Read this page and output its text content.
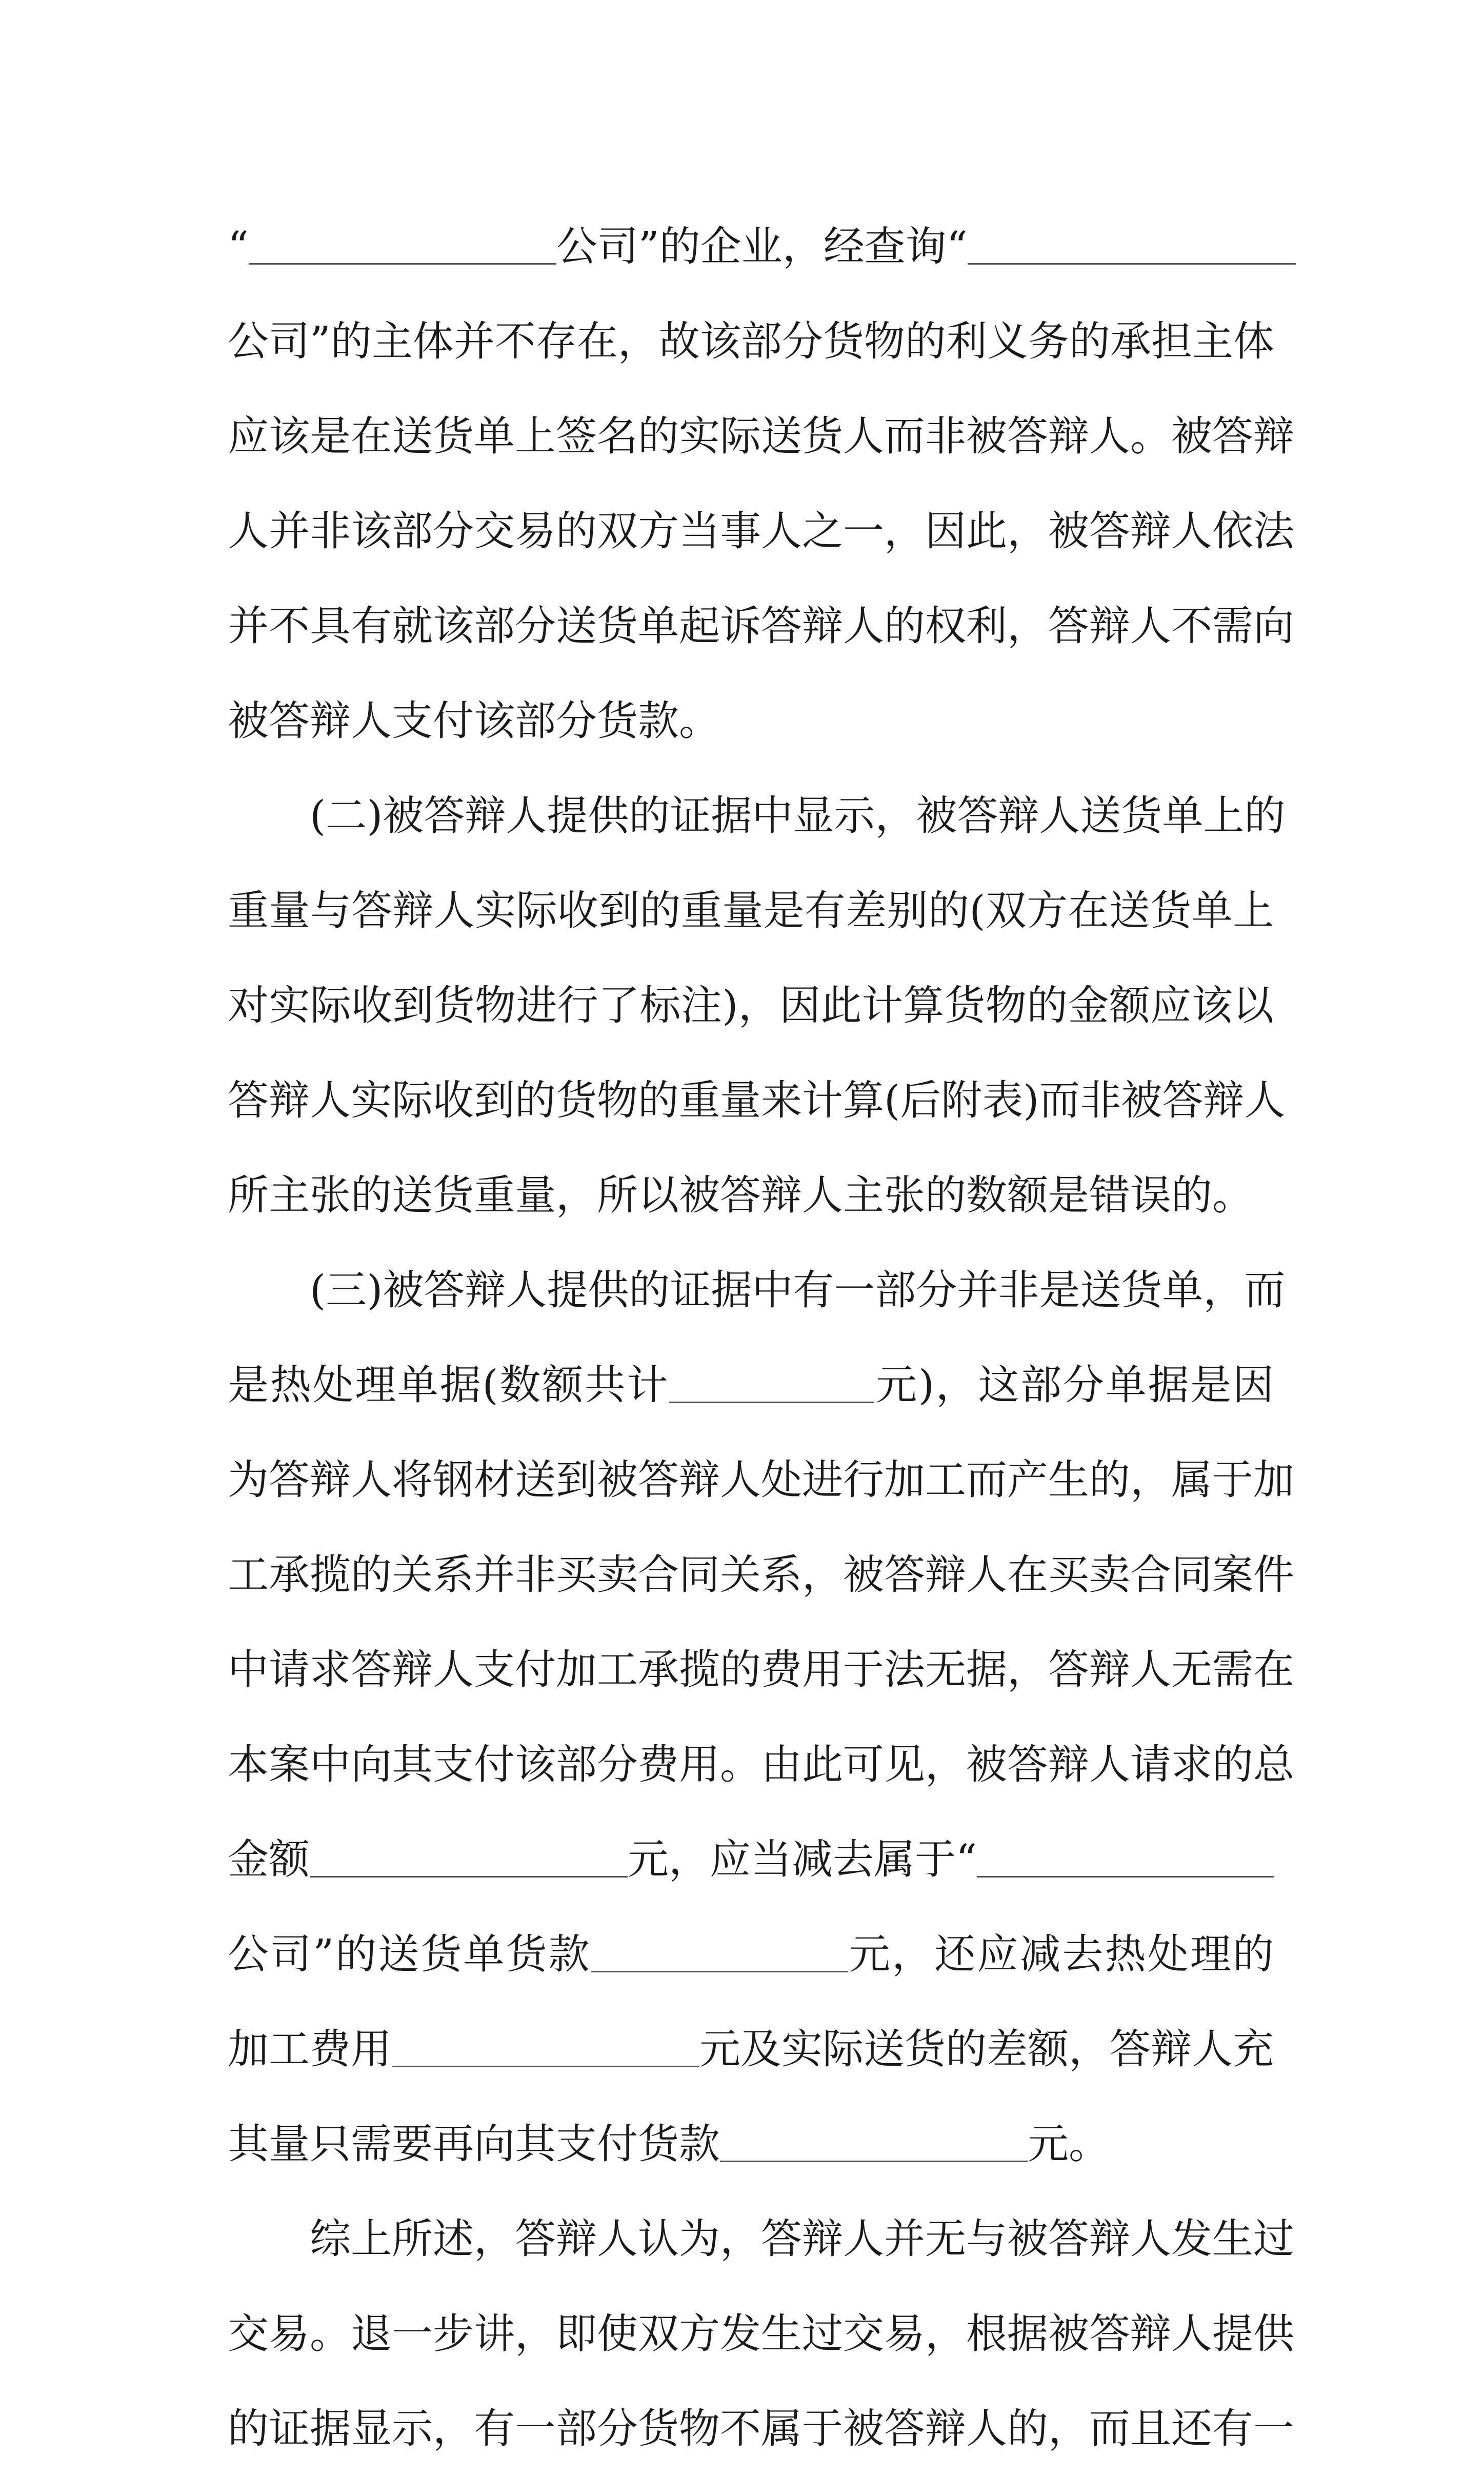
“	公司”的企业，经查询“
公司”的主体并不存在，故该部分货物的利义务的承担主体
应该是在送货单上签名的实际送货人而非被答辩人。被答辩
人并非该部分交易的双方当事人之一，因此，被答辩人依法
并不具有就该部分送货单起诉答辩人的权利，答辩人不需向
被答辩人支付该部分货款。
(二)被答辩人提供的证据中显示，被答辩人送货单上的
重量与答辩人实际收到的重量是有差别的(双方在送货单上
对实际收到货物进行了标注)，因此计算货物的金额应该以
答辩人实际收到的货物的重量来计算(后附表)而非被答辩人
所主张的送货重量，所以被答辩人主张的数额是错误的。
(三)被答辩人提供的证据中有一部分并非是送货单，而
是热处理单据(数额共计	元)，这部分单据是因
为答辩人将钢材送到被答辩人处进行加工而产生的，属于加
工承揽的关系并非买卖合同关系，被答辩人在买卖合同案件
中请求答辩人支付加工承揽的费用于法无据，答辩人无需在
本案中向其支付该部分费用。由此可见，被答辩人请求的总
金额	元，应当减去属于“
公司”的送货单货款	元，还应减去热处理的
加工费用	元及实际送货的差额，答辩人充
其量只需要再向其支付货款	元。
综上所述，答辩人认为，答辩人并无与被答辩人发生过
交易。退一步讲，即使双方发生过交易，根据被答辩人提供
的证据显示，有一部分货物不属于被答辩人的，而且还有一
